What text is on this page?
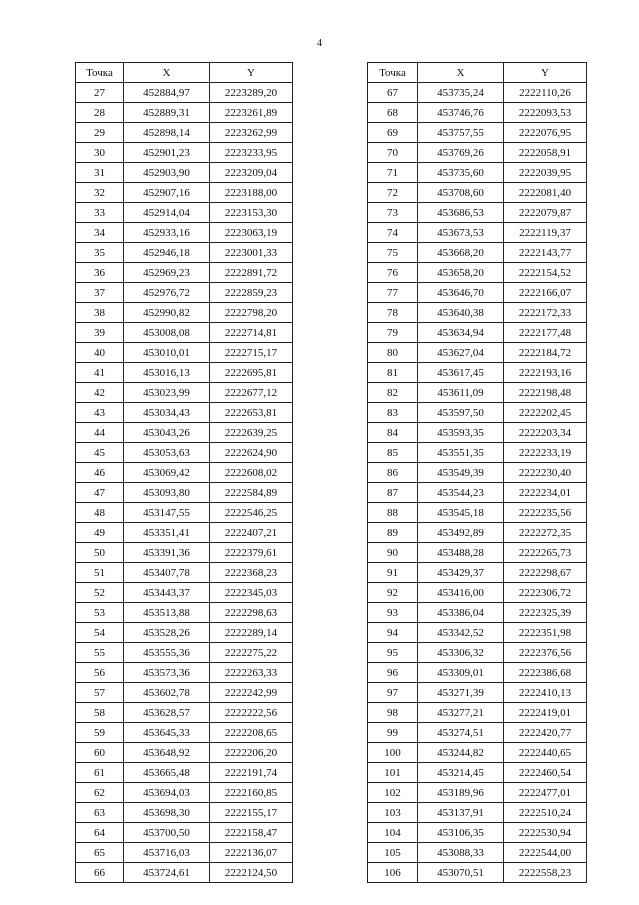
4
Точка	X	Y
27	452884,97	2223289,20
28	452889,31	2223261,89
29	452898,14	2223262,99
30	452901,23	2223233,95
31	452903,90	2223209,04
32	452907,16	2223188,00
33	452914,04	2223153,30
34	452933,16	2223063,19
35	452946,18	2223001,33
36	452969,23	2222891,72
37	452976,72	2222859,23
38	452990,82	2222798,20
39	453008,08	2222714,81
40	453010,01	2222715,17
41	453016,13	2222695,81
42	453023,99	2222677,12
43	453034,43	2222653,81
44	453043,26	2222639,25
45	453053,63	2222624,90
46	453069,42	2222608,02
47	453093,80	2222584,89
48	453147,55	2222546,25
49	453351,41	2222407,21
50	453391,36	2222379,61
51	453407,78	2222368,23
52	453443,37	2222345,03
53	453513,88	2222298,63
54	453528,26	2222289,14
55	453555,36	2222275,22
56	453573,36	2222263,33
57	453602,78	2222242,99
58	453628,57	2222222,56
59	453645,33	2222208,65
60	453648,92	2222206,20
61	453665,48	2222191,74
62	453694,03	2222160,85
63	453698,30	2222155,17
64	453700,50	2222158,47
65	453716,03	2222136,07
66	453724,61	2222124,50
Точка	X	Y
67	453735,24	2222110,26
68	453746,76	2222093,53
69	453757,55	2222076,95
70	453769,26	2222058,91
71	453735,60	2222039,95
72	453708,60	2222081,40
73	453686,53	2222079,87
74	453673,53	2222119,37
75	453668,20	2222143,77
76	453658,20	2222154,52
77	453646,70	2222166,07
78	453640,38	2222172,33
79	453634,94	2222177,48
80	453627,04	2222184,72
81	453617,45	2222193,16
82	453611,09	2222198,48
83	453597,50	2222202,45
84	453593,35	2222203,34
85	453551,35	2222233,19
86	453549,39	2222230,40
87	453544,23	2222234,01
88	453545,18	2222235,56
89	453492,89	2222272,35
90	453488,28	2222265,73
91	453429,37	2222298,67
92	453416,00	2222306,72
93	453386,04	2222325,39
94	453342,52	2222351,98
95	453306,32	2222376,56
96	453309,01	2222386,68
97	453271,39	2222410,13
98	453277,21	2222419,01
99	453274,51	2222420,77
100	453244,82	2222440,65
101	453214,45	2222460,54
102	453189,96	2222477,01
103	453137,91	2222510,24
104	453106,35	2222530,94
105	453088,33	2222544,00
106	453070,51	2222558,23
